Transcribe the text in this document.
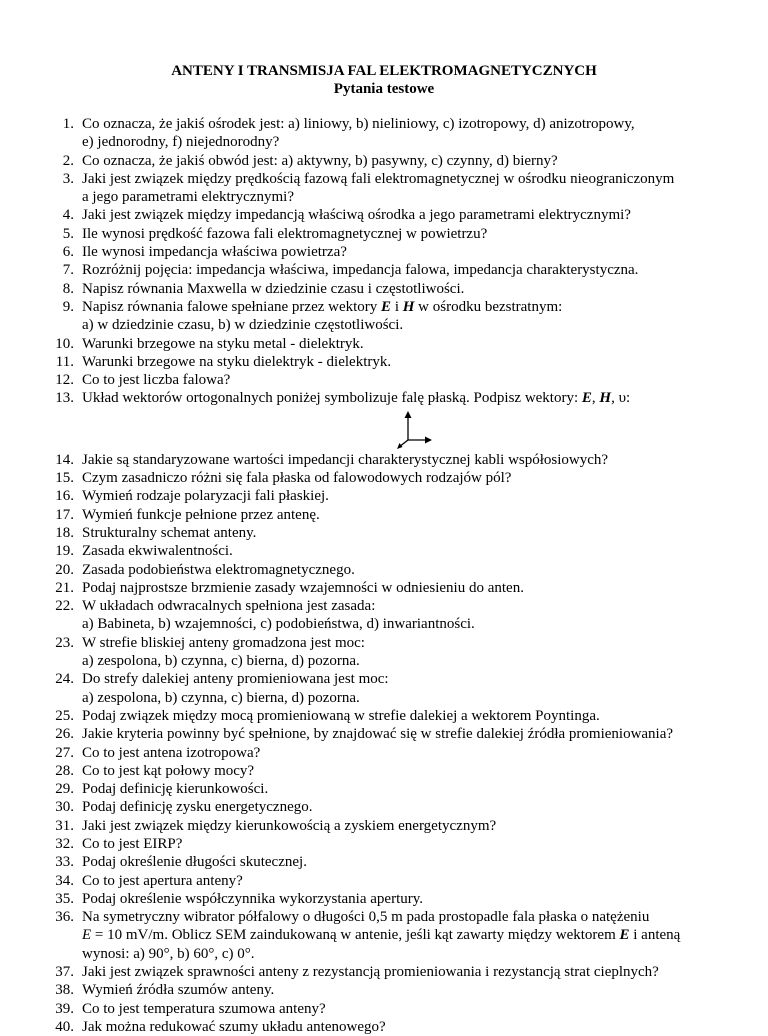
ANTENY I TRANSMISJA FAL ELEKTROMAGNETYCZNYCH
Pytania testowe
1 . Co oznacza, że jakiś ośrodek jest: a) liniowy, b) nieliniowy, c) izotropowy, d) anizotropowy,
e) jednorodny, f) niejednorodny?
2 . Co oznacza, że jakiś obwód jest: a) aktywny, b) pasywny, c) czynny, d) bierny?
3 . Jaki jest związek między prędkością fazową fali elektromagnetycznej w ośrodku nieograniczonym
a jego parametrami elektrycznymi?
4 . Jaki jest związek między impedancją właściwą ośrodka a jego parametrami elektrycznymi?
5 . Ile wynosi prędkość fazowa fali elektromagnetycznej w powietrzu?
6 . Ile wynosi impedancja właściwa powietrza?
7 . Rozróżnij pojęcia: impedancja właściwa, impedancja falowa, impedancja charakterystyczna.
8 . Napisz równania Maxwella w dziedzinie czasu i częstotliwości.
9 . Napisz równania falowe spełniane przez wektory E i H w ośrodku bezstratnym:
a) w dziedzinie czasu, b) w dziedzinie częstotliwości.
10 . Warunki brzegowe na styku metal - dielektryk.
11 . Warunki brzegowe na styku dielektryk - dielektryk.
12 . Co to jest liczba falowa?
13 . Układ wektorów ortogonalnych poniżej symbolizuje falę płaską. Podpisz wektory: E, H, υ:
14 . Jakie są standaryzowane wartości impedancji charakterystycznej kabli współosiowych?
15 . Czym zasadniczo różni się fala płaska od falowodowych rodzajów pól?
16 . Wymień rodzaje polaryzacji fali płaskiej.
17 . Wymień funkcje pełnione przez antenę.
18 . Strukturalny schemat anteny.
19 . Zasada ekwiwalentności.
20 . Zasada podobieństwa elektromagnetycznego.
21 . Podaj najprostsze brzmienie zasady wzajemności w odniesieniu do anten.
22 . W układach odwracalnych spełniona jest zasada:
a) Babineta, b) wzajemności, c) podobieństwa, d) inwariantności.
23 . W strefie bliskiej anteny gromadzona jest moc:
a) zespolona, b) czynna, c) bierna, d) pozorna.
24 . Do strefy dalekiej anteny promieniowana jest moc:
a) zespolona, b) czynna, c) bierna, d) pozorna.
25 . Podaj związek między mocą promieniowaną w strefie dalekiej a wektorem Poyntinga.
26 . Jakie kryteria powinny być spełnione, by znajdować się w strefie dalekiej źródła promieniowania?
27 . Co to jest antena izotropowa?
28 . Co to jest kąt połowy mocy?
29 . Podaj definicję kierunkowości.
30 . Podaj definicję zysku energetycznego.
31 . Jaki jest związek między kierunkowością a zyskiem energetycznym?
32 . Co to jest EIRP?
33 . Podaj określenie długości skutecznej.
34 . Co to jest apertura anteny?
35 . Podaj określenie współczynnika wykorzystania apertury.
36 . Na symetryczny wibrator półfalowy o długości 0,5 m pada prostopadle fala płaska o natężeniu
E = 10 mV/m. Oblicz SEM zaindukowaną w antenie, jeśli kąt zawarty między wektorem E i anteną
wynosi: a) 90°, b) 60°, c) 0°.
37 . Jaki jest związek sprawności anteny z rezystancją promieniowania i rezystancją strat cieplnych?
38 . Wymień źródła szumów anteny.
39 . Co to jest temperatura szumowa anteny?
40 . Jak można redukować szumy układu antenowego?
